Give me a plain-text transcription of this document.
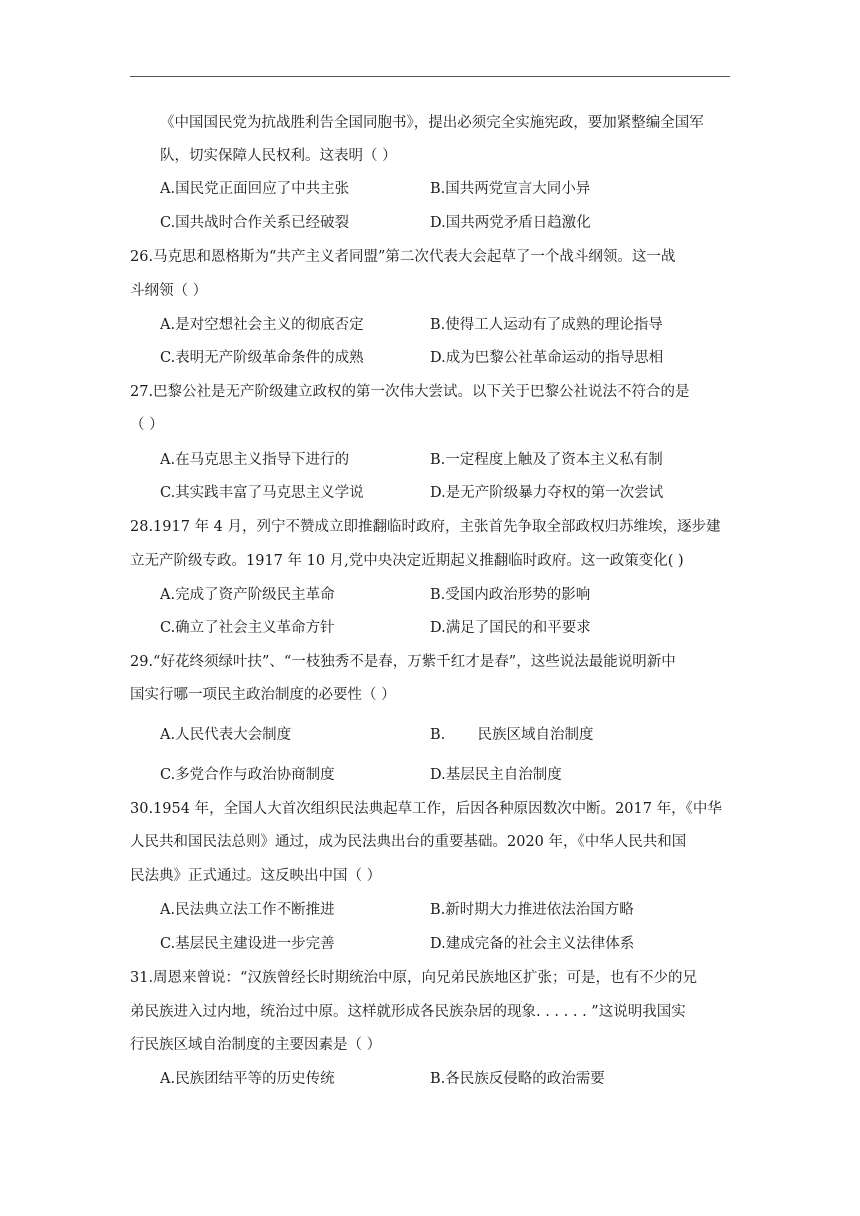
《中国国民党为抗战胜利告全国同胞书》，提出必须完全实施宪政，要加紧整编全国军
队，切实保障人民权利。这表明（ ）
A.国民党正面回应了中共主张	B.国共两党宣言大同小异
C.国共战时合作关系已经破裂	D.国共两党矛盾日趋激化
26.马克思和恩格斯为“共产主义者同盟”第二次代表大会起草了一个战斗纲领。这一战
斗纲领（ ）
A.是对空想社会主义的彻底否定	B.使得工人运动有了成熟的理论指导
C.表明无产阶级革命条件的成熟	D.成为巴黎公社革命运动的指导思相
27.巴黎公社是无产阶级建立政权的第一次伟大尝试。以下关于巴黎公社说法不符合的是
（ ）
A.在马克思主义指导下进行的	B.一定程度上触及了资本主义私有制
C.其实践丰富了马克思主义学说	D.是无产阶级暴力夺权的第一次尝试
28.1917 年 4 月，列宁不赞成立即推翻临时政府，主张首先争取全部政权归苏维埃，逐步建
立无产阶级专政。1917 年 10 月,党中央决定近期起义推翻临时政府。这一政策变化( )
A.完成了资产阶级民主革命	B.受国内政治形势的影响
C.确立了社会主义革命方针	D.满足了国民的和平要求
29.“好花终须绿叶扶”、“一枝独秀不是春，万紫千红才是春”，这些说法最能说明新中
国实行哪一项民主政治制度的必要性（ ）
A.人民代表大会制度	B.       民族区域自治制度
C.多党合作与政治协商制度	D.基层民主自治制度
30.1954 年，全国人大首次组织民法典起草工作，后因各种原因数次中断。2017 年，《中华
人民共和国民法总则》通过，成为民法典出台的重要基础。2020 年，《中华人民共和国
民法典》正式通过。这反映出中国（ ）
A.民法典立法工作不断推进	B.新时期大力推进依法治国方略
C.基层民主建设进一步完善	D.建成完备的社会主义法律体系
31.周恩来曾说：“汉族曾经长时期统治中原，向兄弟民族地区扩张；可是，也有不少的兄
弟民族进入过内地，统治过中原。这样就形成各民族杂居的现象. . . . . . ”这说明我国实
行民族区域自治制度的主要因素是（ ）
A.民族团结平等的历史传统	B.各民族反侵略的政治需要
